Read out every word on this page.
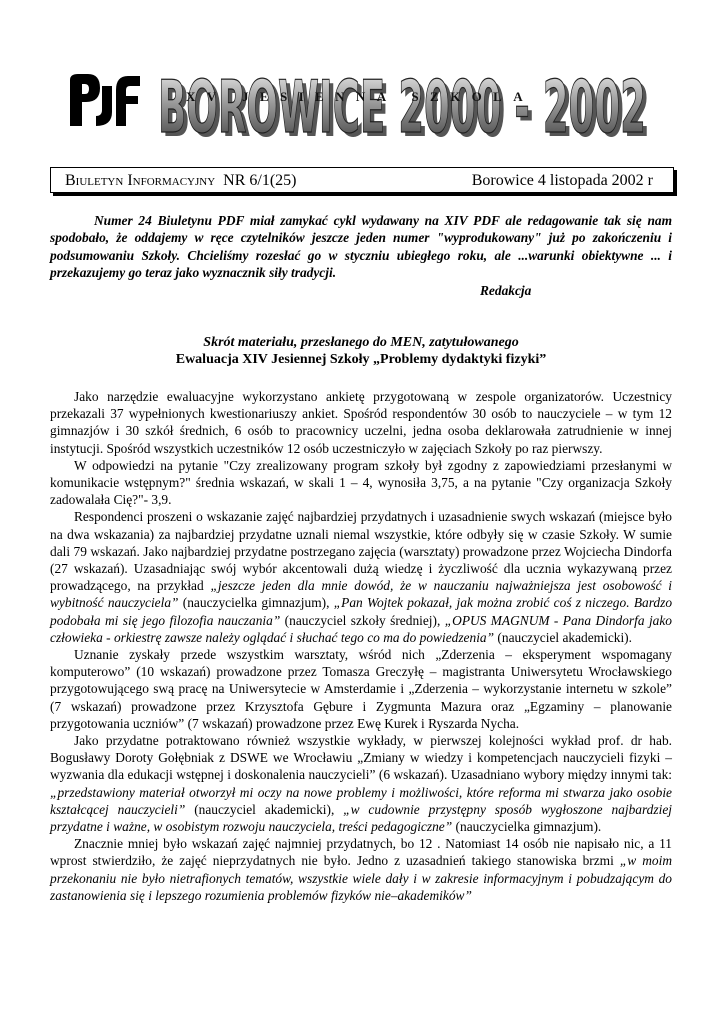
BOROWICE 2000 - 2002
BOROWICE 2000 - 2002
XV JESIENNA SZKOLA
Biuletyn Informacyjny NR 6/1(25)	Borowice 4 listopada 2002 r
Numer 24 Biuletynu PDF miał zamykać cykl wydawany na XIV PDF ale redagowanie tak się nam spodobało, że oddajemy w ręce czytelników jeszcze jeden numer "wyprodukowany" już po zakończeniu i podsumowaniu Szkoły. Chcieliśmy rozesłać go w styczniu ubiegłego roku, ale ...warunki obiektywne ... i przekazujemy go teraz jako wyznacznik siły tradycji.
Redakcja
Skrót materiału, przesłanego do MEN, zatytułowanego
Ewaluacja XIV Jesiennej Szkoły „Problemy dydaktyki fizyki”

Jako narzędzie ewaluacyjne wykorzystano ankietę przygotowaną w zespole organizatorów. Uczestnicy przekazali 37 wypełnionych kwestionariuszy ankiet. Spośród respondentów 30 osób to nauczyciele – w tym 12 gimnazjów i 30 szkół średnich, 6 osób to pracownicy uczelni, jedna osoba deklarowała zatrudnienie w innej instytucji. Spośród wszystkich uczestników 12 osób uczestniczyło w zajęciach Szkoły po raz pierwszy.

W odpowiedzi na pytanie "Czy zrealizowany program szkoły był zgodny z zapowiedziami przesłanymi w komunikacie wstępnym?" średnia wskazań, w skali 1 – 4, wynosiła 3,75, a na pytanie "Czy organizacja Szkoły zadowalała Cię?"- 3,9.

Respondenci proszeni o wskazanie zajęć najbardziej przydatnych i uzasadnienie swych wskazań (miejsce było na dwa wskazania) za najbardziej przydatne uznali niemal wszystkie, które odbyły się w czasie Szkoły. W sumie dali 79 wskazań. Jako najbardziej przydatne postrzegano zajęcia (warsztaty) prowadzone przez Wojciecha Dindorfa (27 wskazań). Uzasadniając swój wybór akcentowali dużą wiedzę i życzliwość dla ucznia wykazywaną przez prowadzącego, na przykład „jeszcze jeden dla mnie dowód, że w nauczaniu najważniejsza jest osobowość i wybitność nauczyciela” (nauczycielka gimnazjum), „Pan Wojtek pokazał, jak można zrobić coś z niczego. Bardzo podobała mi się jego filozofia nauczania” (nauczyciel szkoły średniej), „OPUS MAGNUM - Pana Dindorfa jako człowieka - orkiestrę zawsze należy oglądać i słuchać tego co ma do powiedzenia” (nauczyciel akademicki).

Uznanie zyskały przede wszystkim warsztaty, wśród nich „Zderzenia – eksperyment wspomagany komputerowo” (10 wskazań) prowadzone przez Tomasza Greczyłę – magistranta Uniwersytetu Wrocławskiego przygotowującego swą pracę na Uniwersytecie w Amsterdamie i „Zderzenia – wykorzystanie internetu w szkole” (7 wskazań) prowadzone przez Krzysztofa Gębure i Zygmunta Mazura oraz „Egzaminy – planowanie przygotowania uczniów” (7 wskazań) prowadzone przez Ewę Kurek i Ryszarda Nycha.

Jako przydatne potraktowano również wszystkie wykłady, w pierwszej kolejności wykład prof. dr hab. Bogusławy Doroty Gołębniak z DSWE we Wrocławiu „Zmiany w wiedzy i kompetencjach nauczycieli fizyki – wyzwania dla edukacji wstępnej i doskonalenia nauczycieli” (6 wskazań). Uzasadniano wybory między innymi tak: „przedstawiony materiał otworzył mi oczy na nowe problemy i możliwości, które reforma mi stwarza jako osobie kształcącej nauczycieli” (nauczyciel akademicki), „w cudownie przystępny sposób wygłoszone najbardziej przydatne i ważne, w osobistym rozwoju nauczyciela, treści pedagogiczne” (nauczycielka gimnazjum).

Znacznie mniej było wskazań zajęć najmniej przydatnych, bo 12 . Natomiast 14 osób nie napisało nic, a 11 wprost stwierdziło, że zajęć nieprzydatnych nie było. Jedno z uzasadnień takiego stanowiska brzmi „w moim przekonaniu nie było nietrafionych tematów, wszystkie wiele dały i w zakresie informacyjnym i pobudzającym do zastanowienia się i lepszego rozumienia problemów fizyków nie–akademików”
